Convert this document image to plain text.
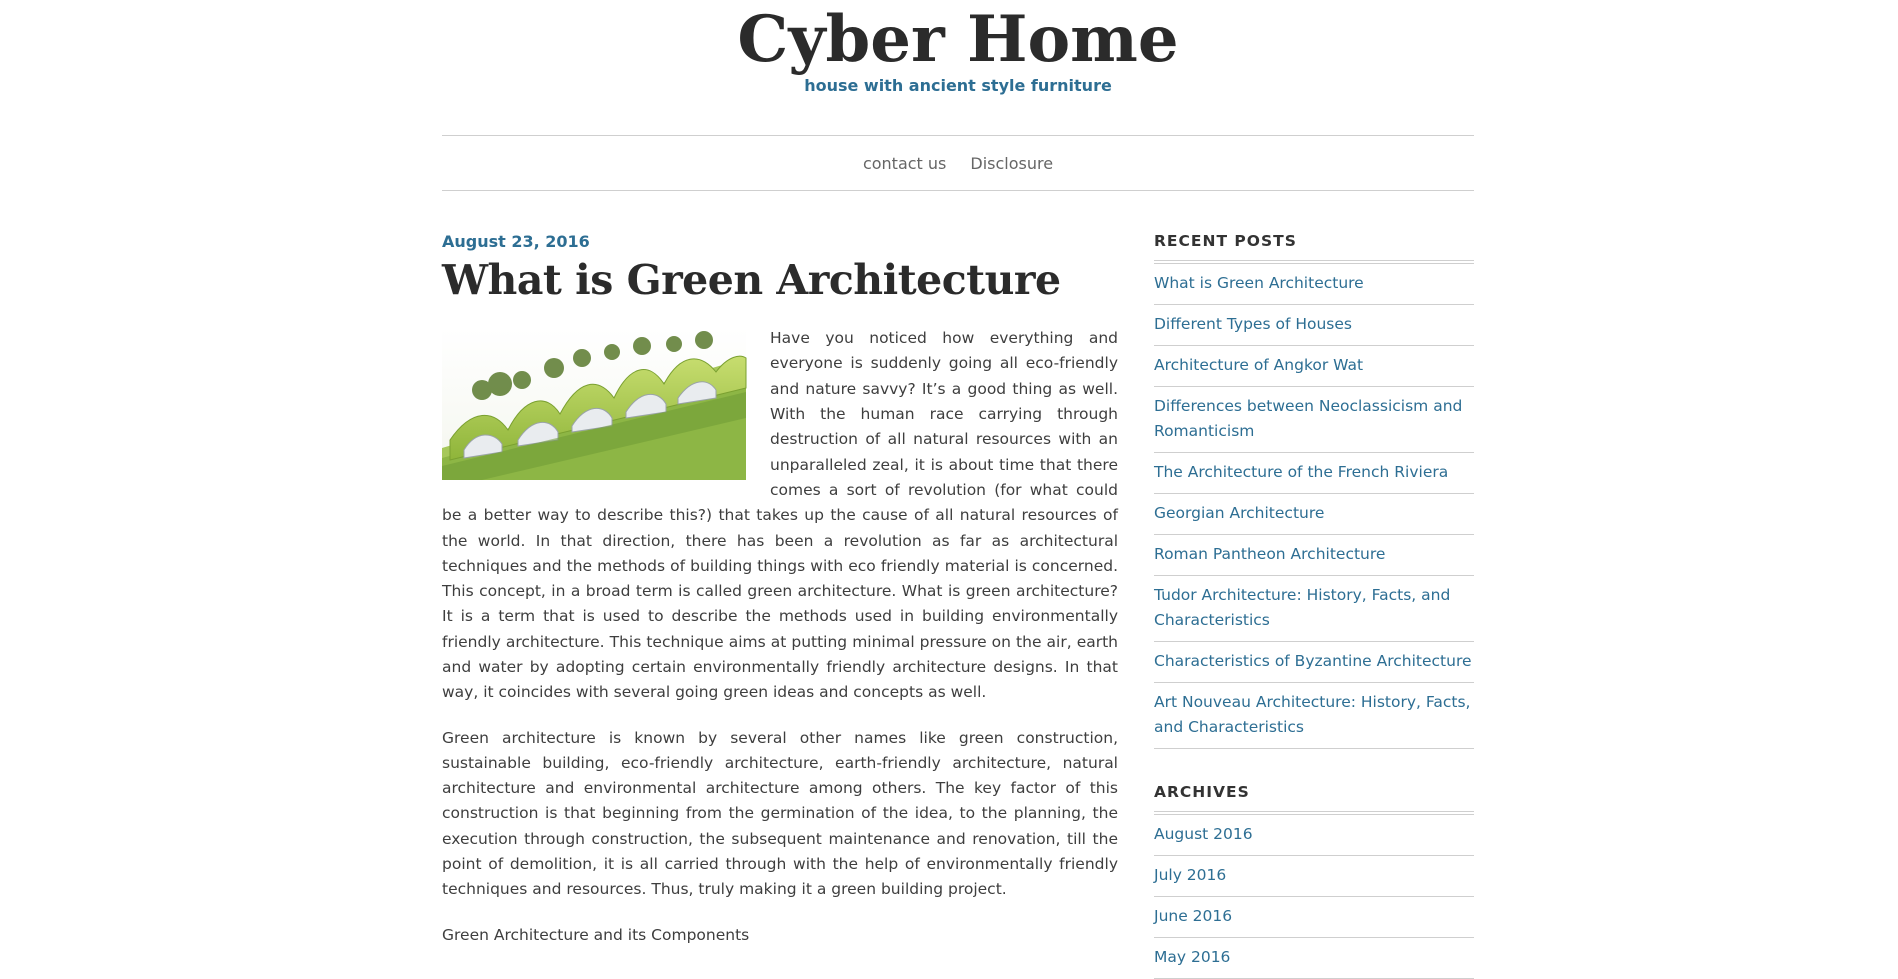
Cyber Home
house with ancient style furniture
contact us Disclosure
August 23, 2016
What is Green Architecture

Have you noticed how everything and everyone is suddenly going all eco-friendly and nature savvy? It’s a good thing as well. With the human race carrying through destruction of all natural resources with an unparalleled zeal, it is about time that there comes a sort of revolution (for what could be a better way to describe this?) that takes up the cause of all natural resources of the world. In that direction, there has been a revolution as far as architectural techniques and the methods of building things with eco friendly material is concerned. This concept, in a broad term is called green architecture. What is green architecture? It is a term that is used to describe the methods used in building environmentally friendly architecture. This technique aims at putting minimal pressure on the air, earth and water by adopting certain environmentally friendly architecture designs. In that way, it coincides with several going green ideas and concepts as well.

Green architecture is known by several other names like green construction, sustainable building, eco-friendly architecture, earth-friendly architecture, natural architecture and environmental architecture among others. The key factor of this construction is that beginning from the germination of the idea, to the planning, the execution through construction, the subsequent maintenance and renovation, till the point of demolition, it is all carried through with the help of environmentally friendly techniques and resources. Thus, truly making it a green building project.

Green Architecture and its Components

RECENT POSTS
What is Green Architecture
Different Types of Houses
Architecture of Angkor Wat
Differences between Neoclassicism and Romanticism
The Architecture of the French Riviera
Georgian Architecture
Roman Pantheon Architecture
Tudor Architecture: History, Facts, and Characteristics
Characteristics of Byzantine Architecture
Art Nouveau Architecture: History, Facts, and Characteristics
ARCHIVES
August 2016
July 2016
June 2016
May 2016
